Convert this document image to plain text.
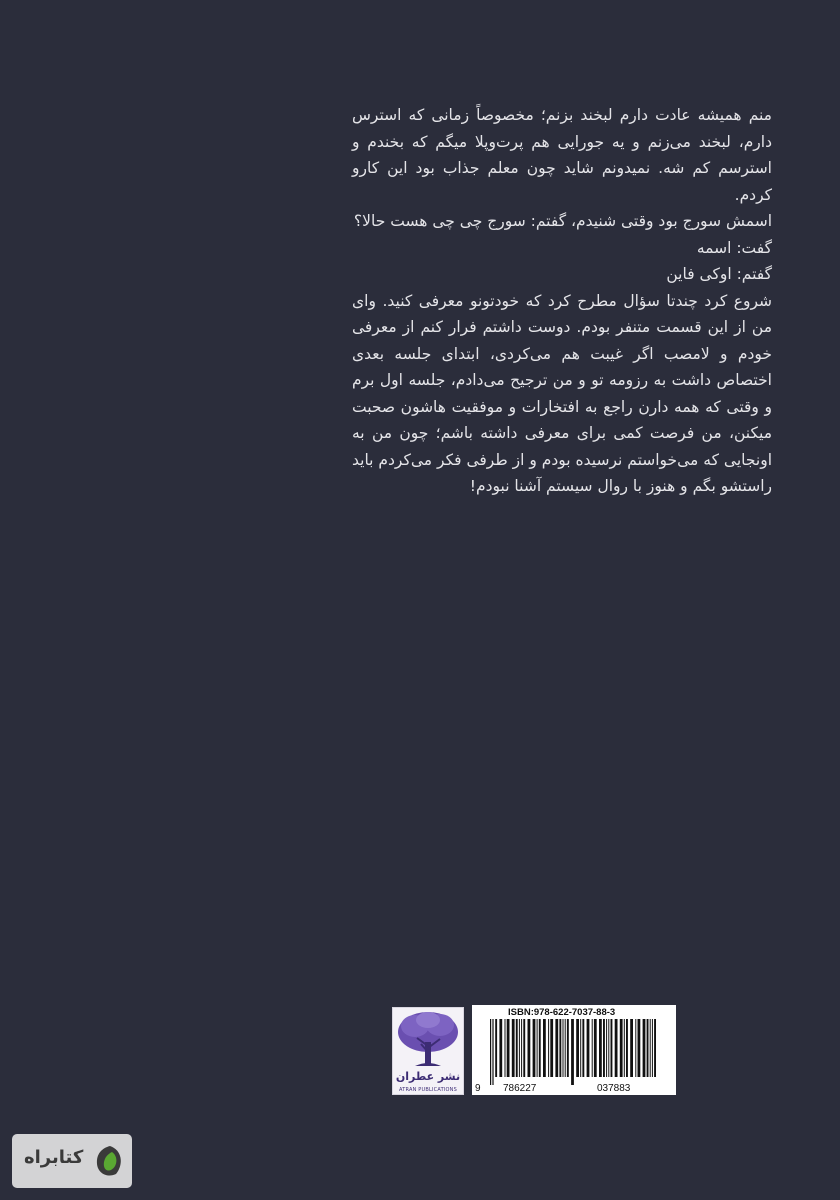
منم همیشه عادت دارم لبخند بزنم؛ مخصوصاً زمانی که استرس دارم، لبخند می‌زنم و یه جورایی هم پرت‌وپلا میگم که بخندم و استرسم کم شه. نمیدونم شاید چون معلم جذاب بود این کارو کردم.

اسمش سورج بود وقتی شنیدم، گفتم: سورج چی چی هست حالا؟

گفت: اسمه

گفتم: اوکی فاین

شروع کرد چندتا سؤال مطرح کرد که خودتونو معرفی کنید. وای من از این قسمت متنفر بودم. دوست داشتم فرار کنم از معرفی خودم و لامصب اگر غیبت هم می‌کردی، ابتدای جلسه بعدی اختصاص داشت به رزومه تو و من ترجیح می‌دادم، جلسه اول برم و وقتی که همه دارن راجع به افتخارات و موفقیت هاشون صحبت میکنن، من فرصت کمی برای معرفی داشته باشم؛ چون من به اونجایی که می‌خواستم نرسیده بودم و از طرفی فکر می‌کردم باید راستشو بگم و هنوز با روال سیستم آشنا نبودم!

نشر عطران
ATRAN PUBLICATIONS
ISBN:978-622-7037-88-3
9 786227	037883
کتابراه
